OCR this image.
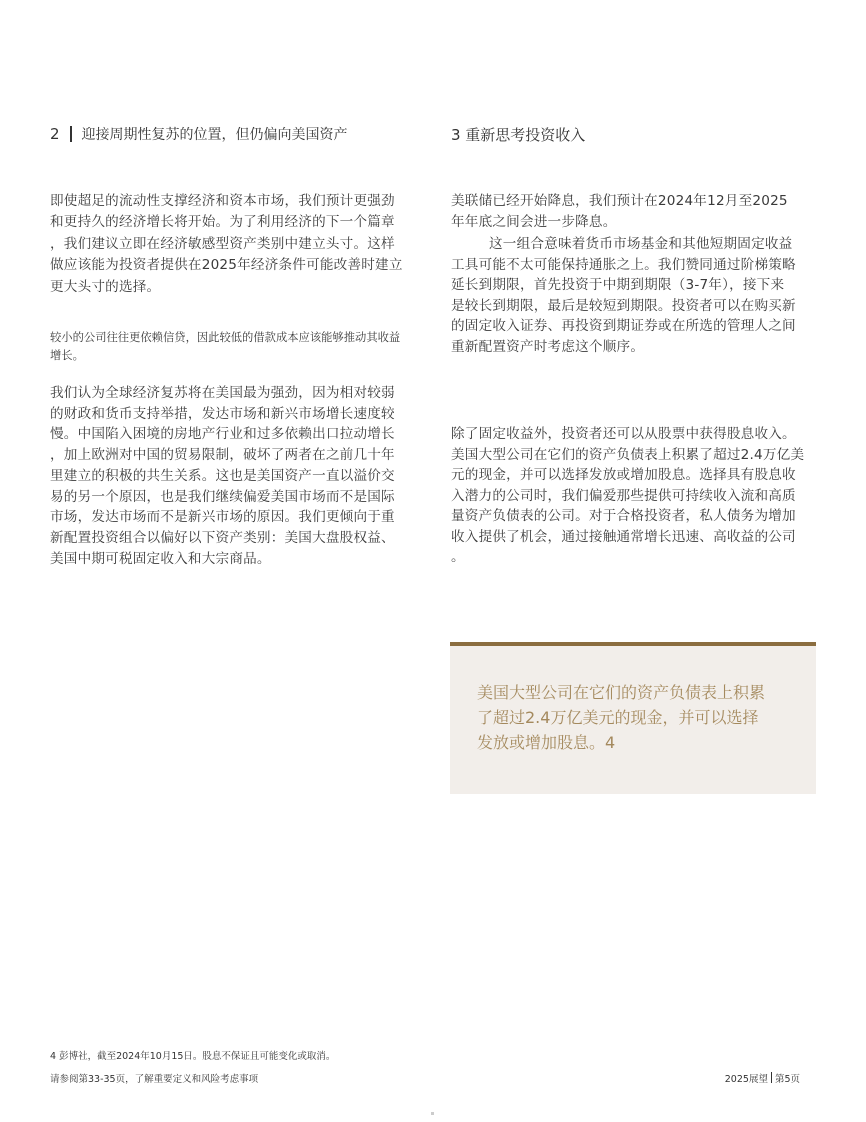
2 迎接周期性复苏的位置，但仍偏向美国资产
即使超足的流动性支撑经济和资本市场，我们预计更强劲
和更持久的经济增长将开始。为了利用经济的下一个篇章
，我们建议立即在经济敏感型资产类别中建立头寸。这样
做应该能为投资者提供在2025年经济条件可能改善时建立
更大头寸的选择。
较小的公司往往更依赖信贷，因此较低的借款成本应该能够推动其收益
增长。
我们认为全球经济复苏将在美国最为强劲，因为相对较弱
的财政和货币支持举措，发达市场和新兴市场增长速度较
慢。中国陷入困境的房地产行业和过多依赖出口拉动增长
，加上欧洲对中国的贸易限制，破坏了两者在之前几十年
里建立的积极的共生关系。这也是美国资产一直以溢价交
易的另一个原因，也是我们继续偏爱美国市场而不是国际
市场，发达市场而不是新兴市场的原因。我们更倾向于重
新配置投资组合以偏好以下资产类别：美国大盘股权益、
美国中期可税固定收入和大宗商品。
3 重新思考投资收入
美联储已经开始降息，我们预计在2024年12月至2025
年年底之间会进一步降息。
这一组合意味着货币市场基金和其他短期固定收益
工具可能不太可能保持通胀之上。我们赞同通过阶梯策略
延长到期限，首先投资于中期到期限（3-7年），接下来
是较长到期限，最后是较短到期限。投资者可以在购买新
的固定收入证券、再投资到期证券或在所选的管理人之间
重新配置资产时考虑这个顺序。
除了固定收益外，投资者还可以从股票中获得股息收入。
美国大型公司在它们的资产负债表上积累了超过2.4万亿美
元的现金，并可以选择发放或增加股息。选择具有股息收
入潜力的公司时，我们偏爱那些提供可持续收入流和高质
量资产负债表的公司。对于合格投资者，私人债务为增加
收入提供了机会，通过接触通常增长迅速、高收益的公司
。
美国大型公司在它们的资产负债表上积累
了超过2.4万亿美元的现金，并可以选择
发放或增加股息。4
4 彭博社，截至2024年10月15日。股息不保证且可能变化或取消。
请参阅第33-35页，了解重要定义和风险考虑事项	2025展望 第5页
